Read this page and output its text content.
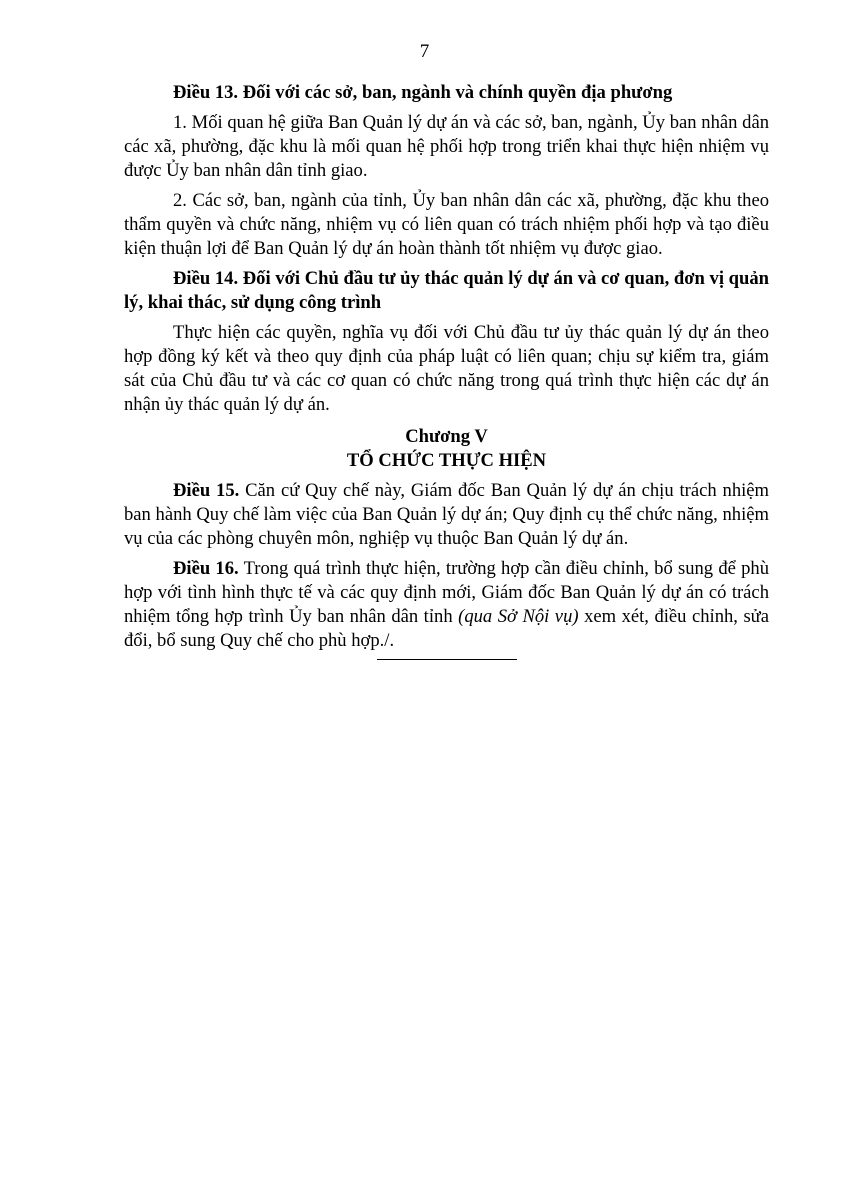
7

Điều 13. Đối với các sở, ban, ngành và chính quyền địa phương

1. Mối quan hệ giữa Ban Quản lý dự án và các sở, ban, ngành, Ủy ban nhân dân các xã, phường, đặc khu là mối quan hệ phối hợp trong triển khai thực hiện nhiệm vụ được Ủy ban nhân dân tỉnh giao.

2. Các sở, ban, ngành của tỉnh, Ủy ban nhân dân các xã, phường, đặc khu theo thẩm quyền và chức năng, nhiệm vụ có liên quan có trách nhiệm phối hợp và tạo điều kiện thuận lợi để Ban Quản lý dự án hoàn thành tốt nhiệm vụ được giao.

Điều 14. Đối với Chủ đầu tư ủy thác quản lý dự án và cơ quan, đơn vị quản lý, khai thác, sử dụng công trình

Thực hiện các quyền, nghĩa vụ đối với Chủ đầu tư ủy thác quản lý dự án theo hợp đồng ký kết và theo quy định của pháp luật có liên quan; chịu sự kiểm tra, giám sát của Chủ đầu tư và các cơ quan có chức năng trong quá trình thực hiện các dự án nhận ủy thác quản lý dự án.

Chương V
TỔ CHỨC THỰC HIỆN

Điều 15. Căn cứ Quy chế này, Giám đốc Ban Quản lý dự án chịu trách nhiệm ban hành Quy chế làm việc của Ban Quản lý dự án; Quy định cụ thể chức năng, nhiệm vụ của các phòng chuyên môn, nghiệp vụ thuộc Ban Quản lý dự án.

Điều 16. Trong quá trình thực hiện, trường hợp cần điều chỉnh, bổ sung để phù hợp với tình hình thực tế và các quy định mới, Giám đốc Ban Quản lý dự án có trách nhiệm tổng hợp trình Ủy ban nhân dân tỉnh (qua Sở Nội vụ) xem xét, điều chỉnh, sửa đổi, bổ sung Quy chế cho phù hợp./.
